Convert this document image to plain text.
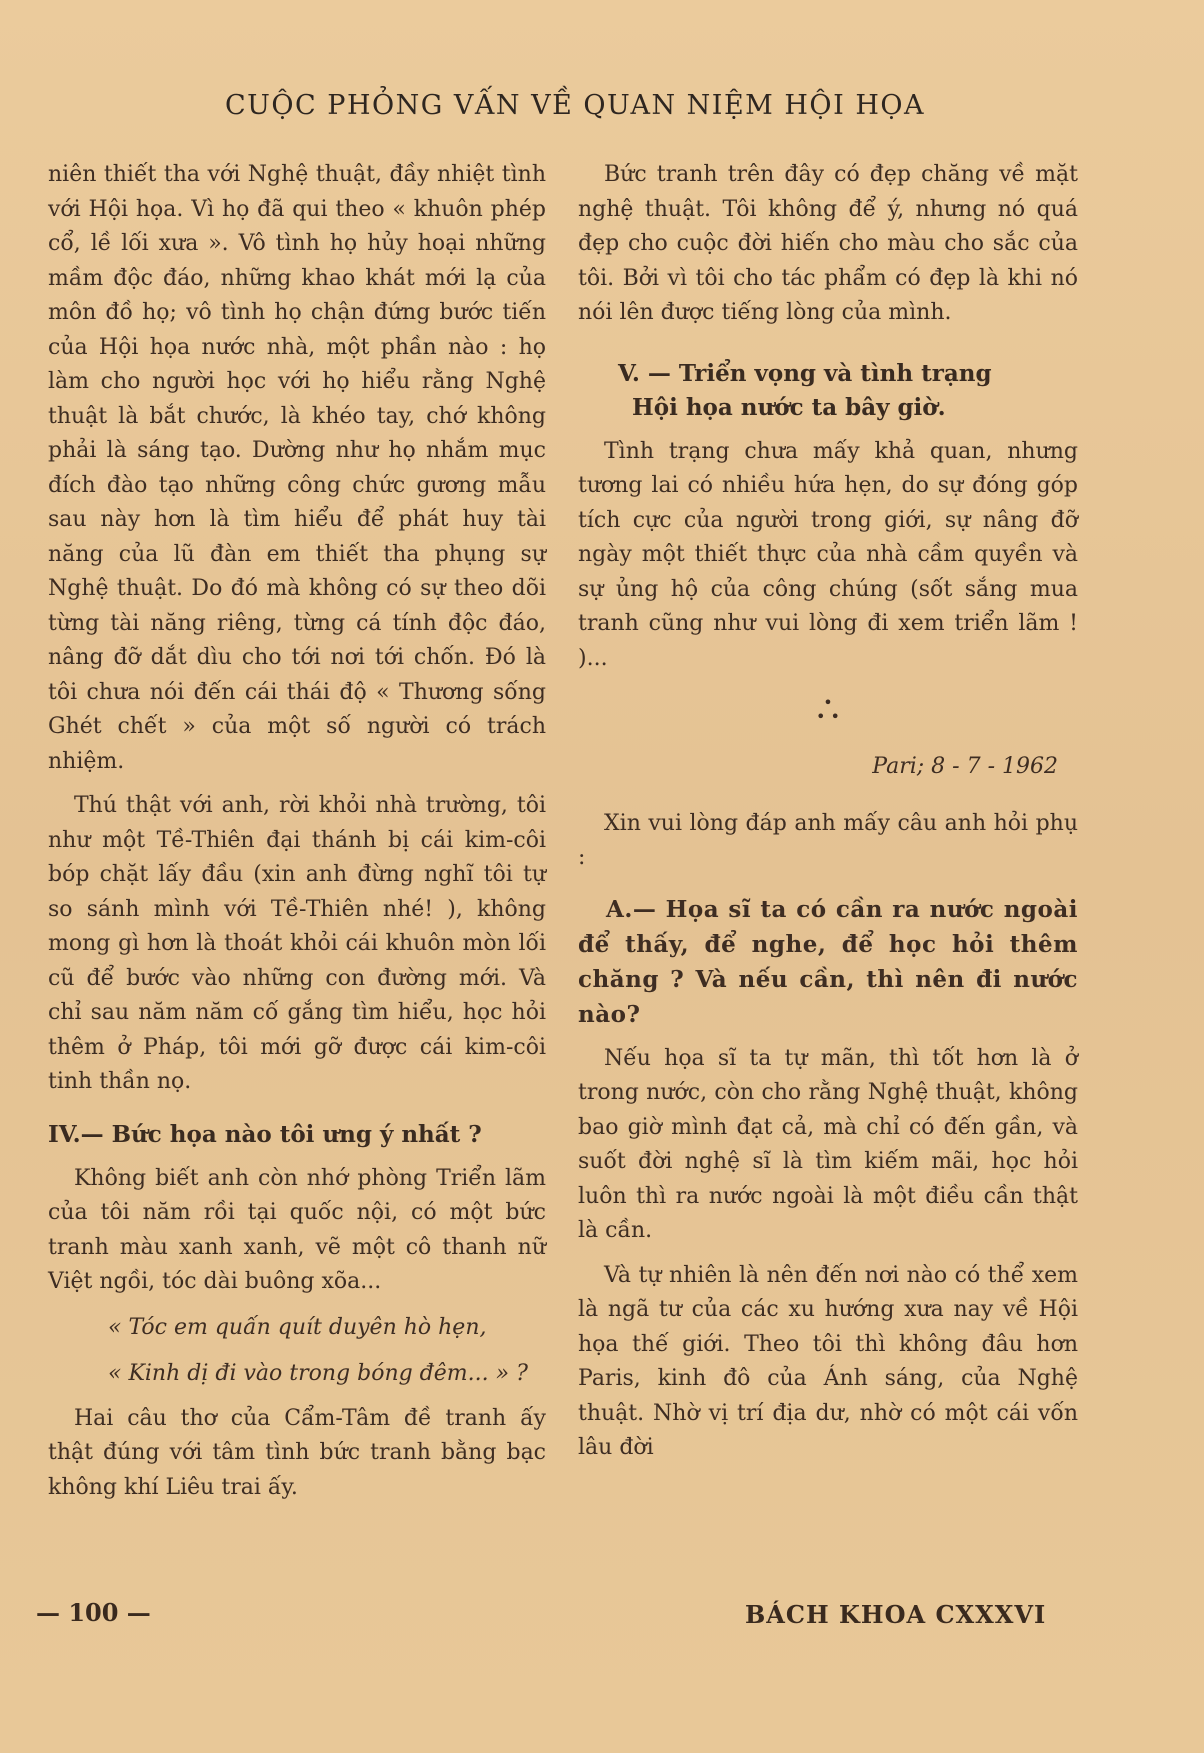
CUỘC PHỎNG VẤN VỀ QUAN NIỆM HỘI HỌA

niên thiết tha với Nghệ thuật, đầy nhiệt tình với Hội họa. Vì họ đã qui theo « khuôn phép cổ, lề lối xưa ». Vô tình họ hủy hoại những mầm độc đáo, những khao khát mới lạ của môn đồ họ; vô tình họ chận đứng bước tiến của Hội họa nước nhà, một phần nào : họ làm cho người học với họ hiểu rằng Nghệ thuật là bắt chước, là khéo tay, chớ không phải là sáng tạo. Dường như họ nhắm mục đích đào tạo những công chức gương mẫu sau này hơn là tìm hiểu để phát huy tài năng của lũ đàn em thiết tha phụng sự Nghệ thuật. Do đó mà không có sự theo dõi từng tài năng riêng, từng cá tính độc đáo, nâng đỡ dắt dìu cho tới nơi tới chốn. Đó là tôi chưa nói đến cái thái độ « Thương sống Ghét chết » của một số người có trách nhiệm.

Thú thật với anh, rời khỏi nhà trường, tôi như một Tề-Thiên đại thánh bị cái kim-côi bóp chặt lấy đầu (xin anh đừng nghĩ tôi tự so sánh mình với Tề-Thiên nhé! ), không mong gì hơn là thoát khỏi cái khuôn mòn lối cũ để bước vào những con đường mới. Và chỉ sau năm năm cố gắng tìm hiểu, học hỏi thêm ở Pháp, tôi mới gỡ được cái kim-côi tinh thần nọ.

IV.— Bức họa nào tôi ưng ý nhất ?

Không biết anh còn nhớ phòng Triển lãm của tôi năm rồi tại quốc nội, có một bức tranh màu xanh xanh, vẽ một cô thanh nữ Việt ngồi, tóc dài buông xõa...

« Tóc em quấn quít duyên hò hẹn,

« Kinh dị đi vào trong bóng đêm... » ?

Hai câu thơ của Cẩm-Tâm đề tranh ấy thật đúng với tâm tình bức tranh bằng bạc không khí Liêu trai ấy.

Bức tranh trên đây có đẹp chăng về mặt nghệ thuật. Tôi không để ý, nhưng nó quá đẹp cho cuộc đời hiến cho màu cho sắc của tôi. Bởi vì tôi cho tác phẩm có đẹp là khi nó nói lên được tiếng lòng của mình.

V. — Triển vọng và tình trạng
Hội họa nước ta bây giờ.

Tình trạng chưa mấy khả quan, nhưng tương lai có nhiều hứa hẹn, do sự đóng góp tích cực của người trong giới, sự nâng đỡ ngày một thiết thực của nhà cầm quyền và sự ủng hộ của công chúng (sốt sắng mua tranh cũng như vui lòng đi xem triển lãm ! )...

•
• •
Pari; 8 - 7 - 1962

Xin vui lòng đáp anh mấy câu anh hỏi phụ :

A.— Họa sĩ ta có cần ra nước ngoài để thấy, để nghe, để học hỏi thêm chăng ? Và nếu cần, thì nên đi nước nào?

Nếu họa sĩ ta tự mãn, thì tốt hơn là ở trong nước, còn cho rằng Nghệ thuật, không bao giờ mình đạt cả, mà chỉ có đến gần, và suốt đời nghệ sĩ là tìm kiếm mãi, học hỏi luôn thì ra nước ngoài là một điều cần thật là cần.

Và tự nhiên là nên đến nơi nào có thể xem là ngã tư của các xu hướng xưa nay về Hội họa thế giới. Theo tôi thì không đâu hơn Paris, kinh đô của Ánh sáng, của Nghệ thuật. Nhờ vị trí địa dư, nhờ có một cái vốn lâu đời

— 100 —	BÁCH KHOA CXXXVI
